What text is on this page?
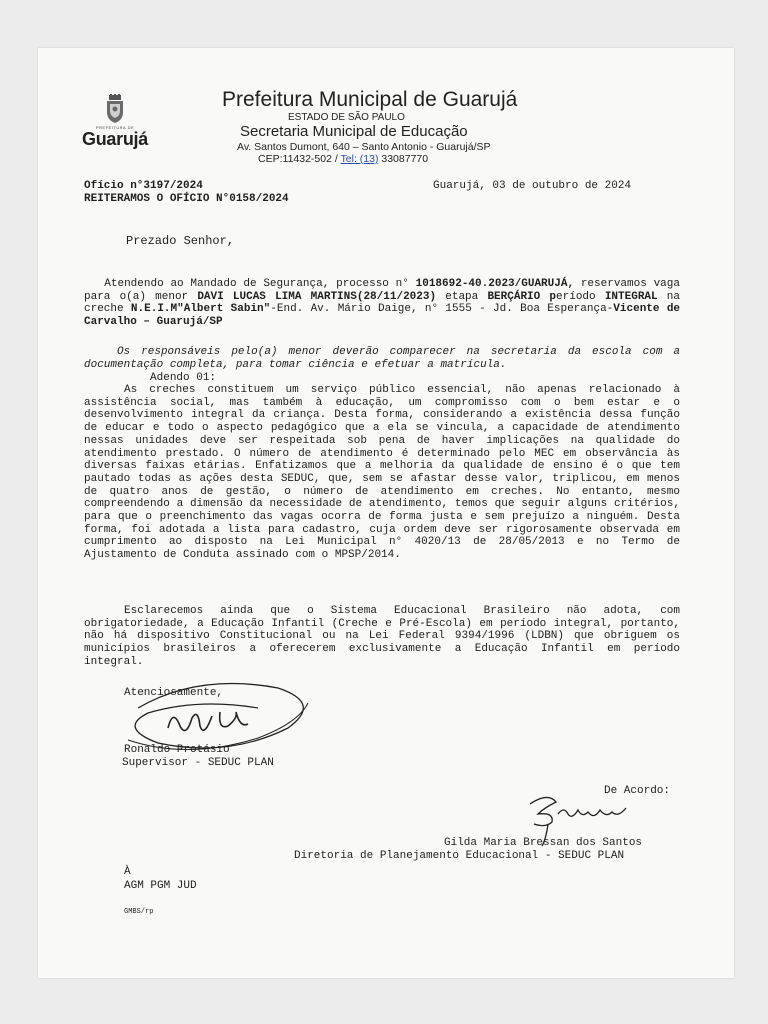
PREFEITURA DE
Guarujá
Prefeitura Municipal de Guarujá
ESTADO DE SÃO PAULO
Secretaria Municipal de Educação
Av. Santos Dumont, 640 – Santo Antonio - Guarujá/SP
CEP:11432-502 / Tel: (13) 33087770
Ofício n°3197/2024
REITERAMOS O OFÍCIO N°0158/2024
Guarujá, 03 de outubro de 2024
Prezado Senhor,
Atendendo ao Mandado de Segurança, processo n° 1018692-40.2023/GUARUJÁ, reservamos vaga para o(a) menor DAVI LUCAS LIMA MARTINS(28/11/2023) etapa BERÇÁRIO período INTEGRAL na creche N.E.I.M"Albert Sabin"-End. Av. Mário Daige, n° 1555 - Jd. Boa Esperança-Vicente de Carvalho – Guarujá/SP
Os responsáveis pelo(a) menor deverão comparecer na secretaria da escola com a documentação completa, para tomar ciência e efetuar a matrícula.
Adendo 01:
As creches constituem um serviço público essencial, não apenas relacionado à assistência social, mas também à educação, um compromisso com o bem estar e o desenvolvimento integral da criança. Desta forma, considerando a existência dessa função de educar e todo o aspecto pedagógico que a ela se vincula, a capacidade de atendimento nessas unidades deve ser respeitada sob pena de haver implicações na qualidade do atendimento prestado. O número de atendimento é determinado pelo MEC em observância às diversas faixas etárias. Enfatizamos que a melhoria da qualidade de ensino é o que tem pautado todas as ações desta SEDUC, que, sem se afastar desse valor, triplicou, em menos de quatro anos de gestão, o número de atendimento em creches. No entanto, mesmo compreendendo a dimensão da necessidade de atendimento, temos que seguir alguns critérios, para que o preenchimento das vagas ocorra de forma justa e sem prejuízo a ninguém. Desta forma, foi adotada a lista para cadastro, cuja ordem deve ser rigorosamente observada em cumprimento ao disposto na Lei Municipal n° 4020/13 de 28/05/2013 e no Termo de Ajustamento de Conduta assinado com o MPSP/2014.
Esclarecemos ainda que o Sistema Educacional Brasileiro não adota, com obrigatoriedade, a Educação Infantil (Creche e Pré-Escola) em período integral, portanto, não há dispositivo Constitucional ou na Lei Federal 9394/1996 (LDBN) que obriguem os municípios brasileiros a oferecerem exclusivamente a Educação Infantil em período integral.
Atenciosamente,
Ronaldo Protásio
Supervisor - SEDUC PLAN
De Acordo:
Gilda Maria Bressan dos Santos
Diretoria de Planejamento Educacional - SEDUC PLAN
À
AGM PGM JUD
GMBS/rp
